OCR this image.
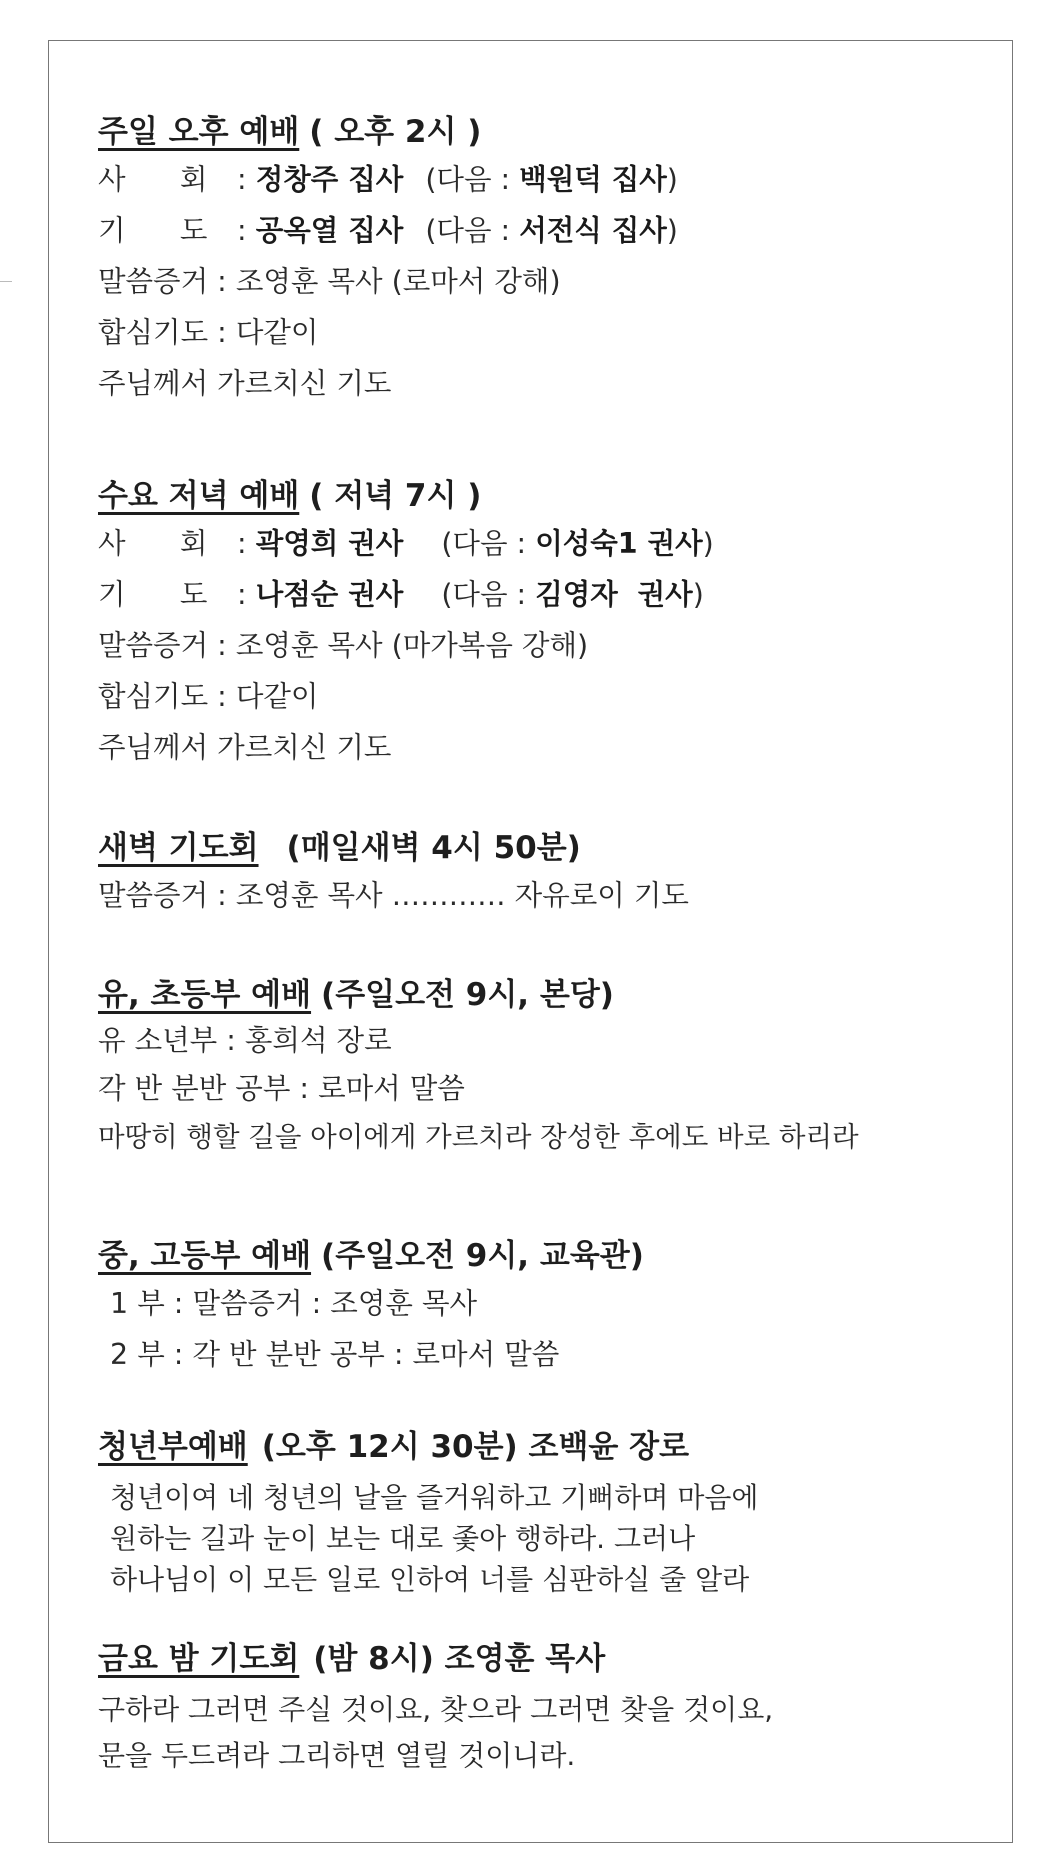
주일 오후 예배 ( 오후 2시 )
사      회 : 정창주 집사 (다음 : 백원덕 집사)
기      도 : 공옥열 집사 (다음 : 서전식 집사)
말씀증거 : 조영훈 목사 (로마서 강해)
합심기도 : 다같이
주님께서 가르치신 기도
수요 저녁 예배 ( 저녁 7시 )
사      회 : 곽영희 권사 (다음 : 이성숙1 권사)
기      도 : 나점순 권사 (다음 : 김영자  권사)
말씀증거 : 조영훈 목사 (마가복음 강해)
합심기도 : 다같이
주님께서 가르치신 기도
새벽 기도회 (매일새벽 4시 50분)
말씀증거 : 조영훈 목사 ………… 자유로이 기도
유, 초등부 예배 (주일오전 9시, 본당)
유 소년부 : 홍희석 장로
각 반 분반 공부 : 로마서 말씀
마땅히 행할 길을 아이에게 가르치라 장성한 후에도 바로 하리라
중, 고등부 예배 (주일오전 9시, 교육관)
1 부 : 말씀증거 : 조영훈 목사
2 부 : 각 반 분반 공부 : 로마서 말씀
청년부예배 (오후 12시 30분) 조백윤 장로
청년이여 네 청년의 날을 즐거워하고 기뻐하며 마음에
원하는 길과 눈이 보는 대로 좇아 행하라. 그러나
하나님이 이 모든 일로 인하여 너를 심판하실 줄 알라
금요 밤 기도회 (밤 8시) 조영훈 목사
구하라 그러면 주실 것이요, 찾으라 그러면 찾을 것이요,
문을 두드려라 그리하면 열릴 것이니라.
